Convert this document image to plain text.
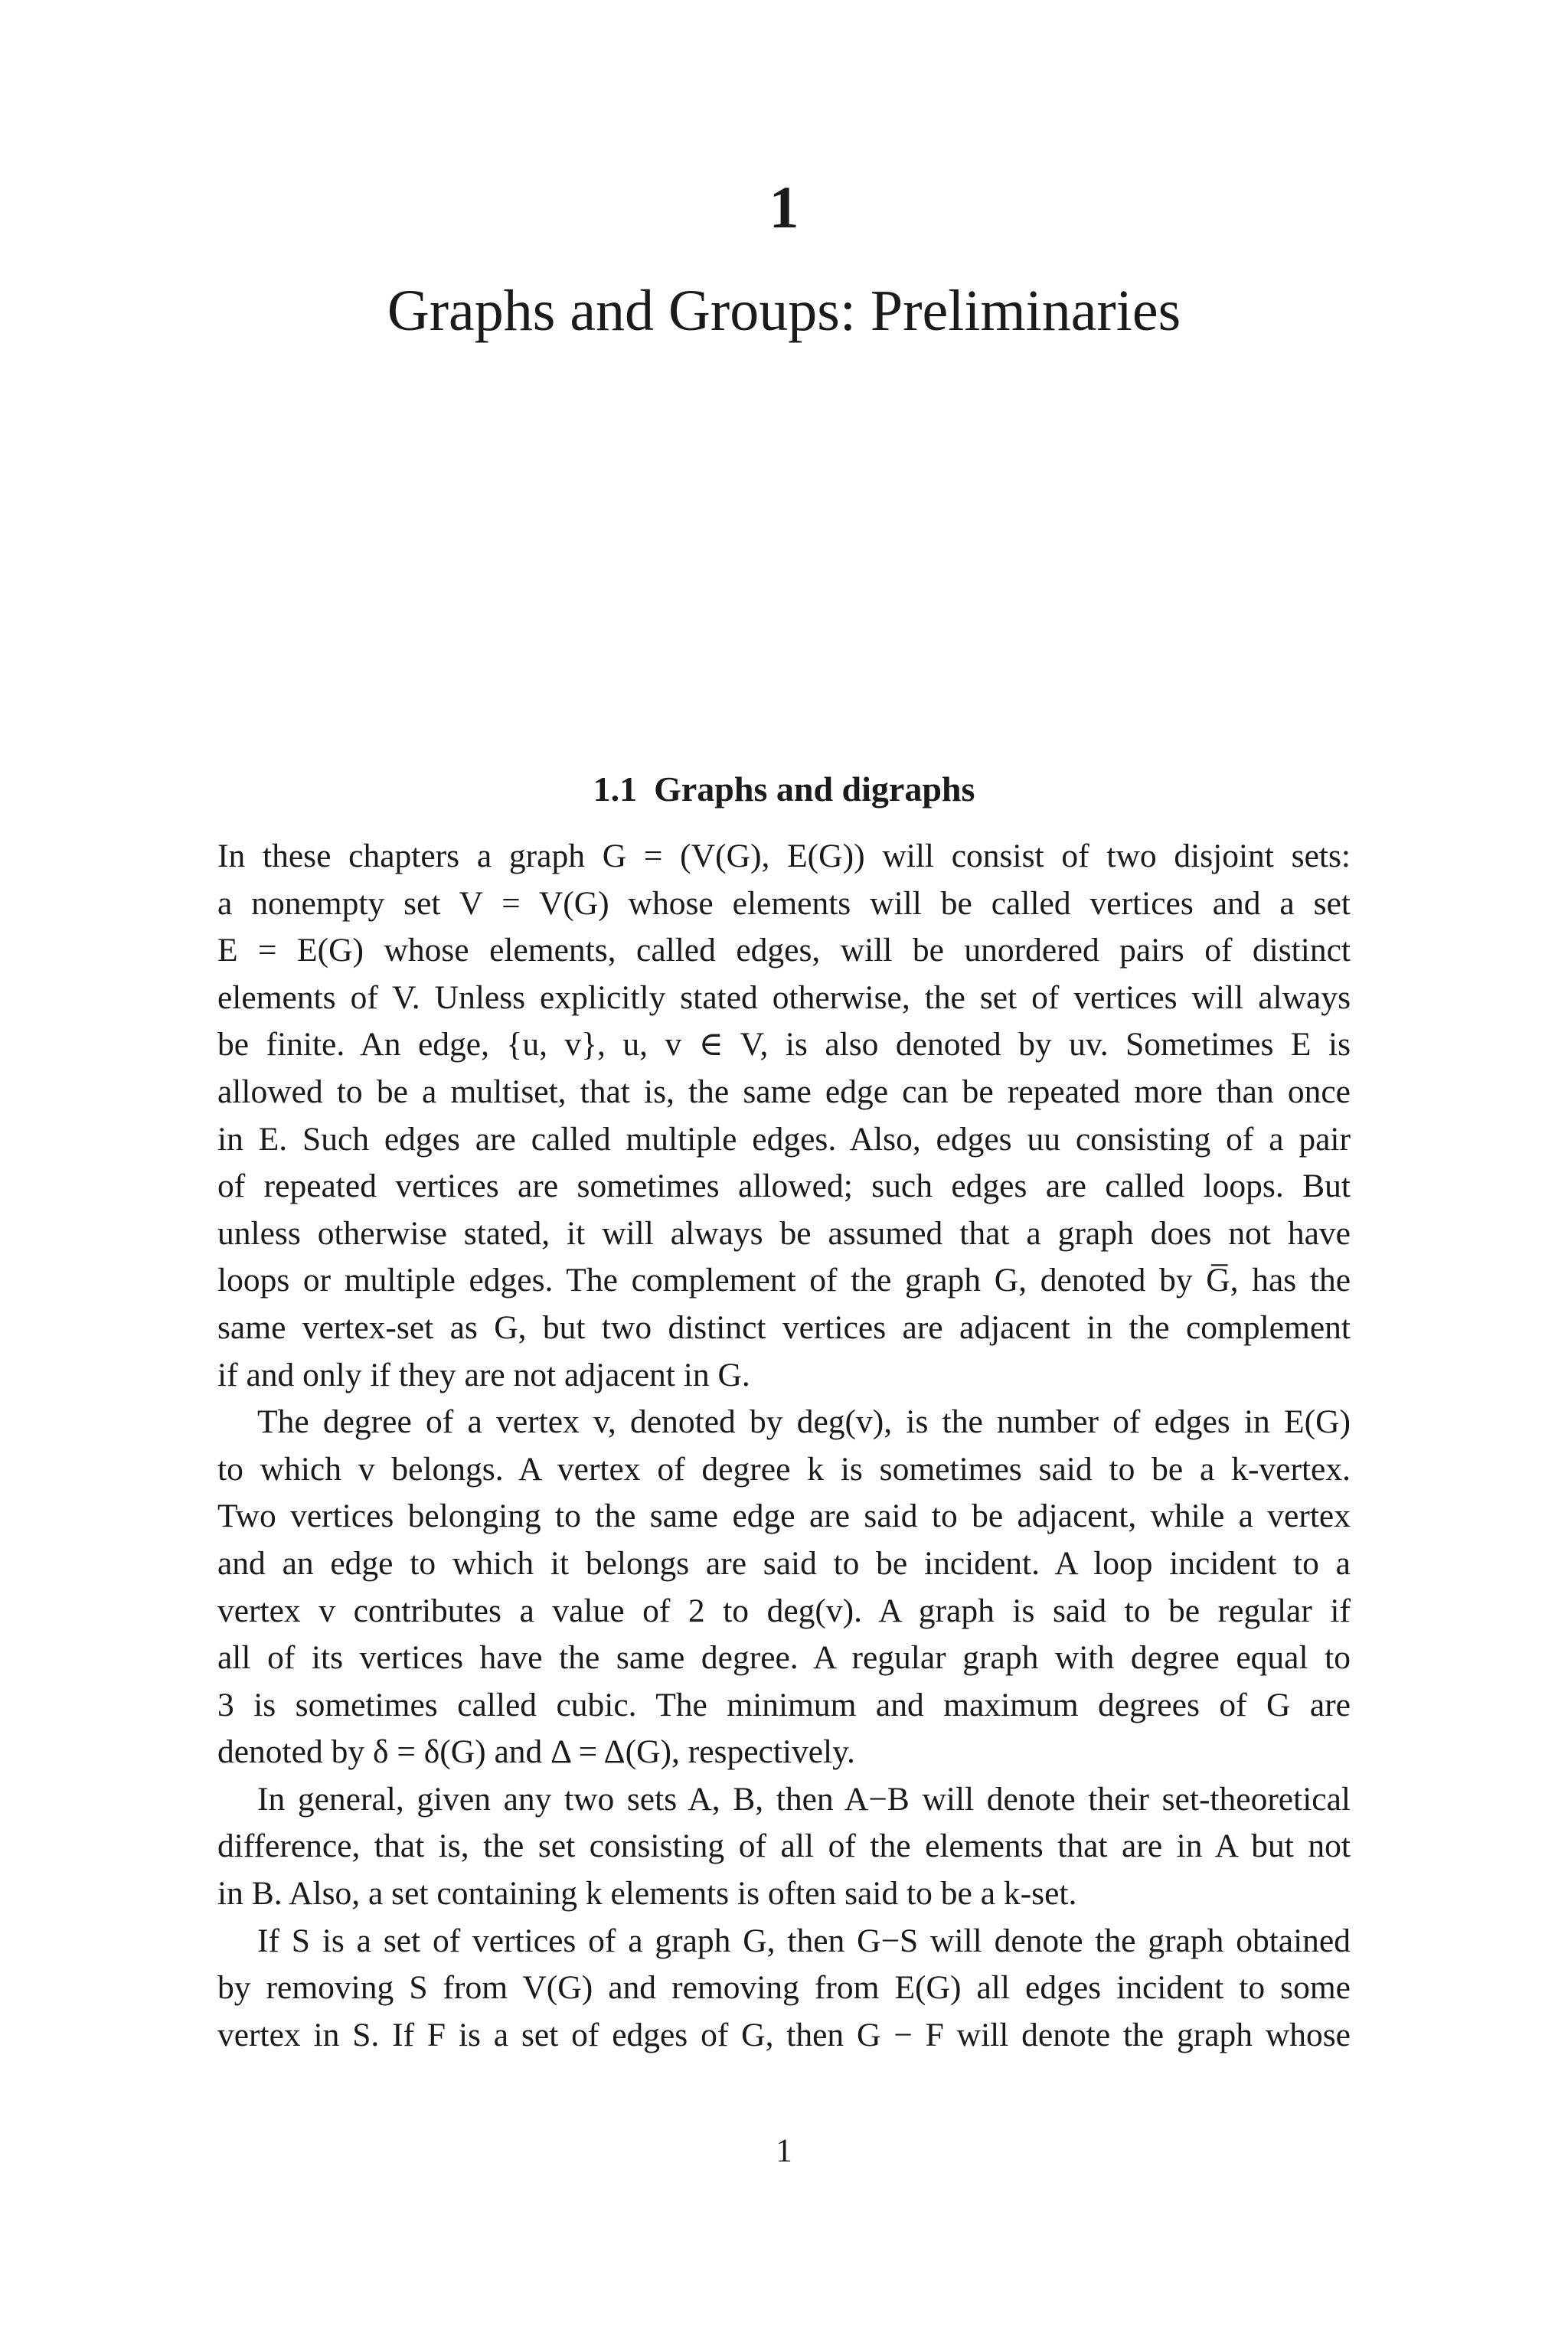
1
Graphs and Groups: Preliminaries
1.1 Graphs and digraphs
In these chapters a graph G = (V(G), E(G)) will consist of two disjoint sets:
a nonempty set V = V(G) whose elements will be called vertices and a set
E = E(G) whose elements, called edges, will be unordered pairs of distinct
elements of V. Unless explicitly stated otherwise, the set of vertices will always
be finite. An edge, {u, v}, u, v ∈ V, is also denoted by uv. Sometimes E is
allowed to be a multiset, that is, the same edge can be repeated more than once
in E. Such edges are called multiple edges. Also, edges uu consisting of a pair
of repeated vertices are sometimes allowed; such edges are called loops. But
unless otherwise stated, it will always be assumed that a graph does not have
loops or multiple edges. The complement of the graph G, denoted by G̅, has the
same vertex-set as G, but two distinct vertices are adjacent in the complement
if and only if they are not adjacent in G.
The degree of a vertex v, denoted by deg(v), is the number of edges in E(G)
to which v belongs. A vertex of degree k is sometimes said to be a k-vertex.
Two vertices belonging to the same edge are said to be adjacent, while a vertex
and an edge to which it belongs are said to be incident. A loop incident to a
vertex v contributes a value of 2 to deg(v). A graph is said to be regular if
all of its vertices have the same degree. A regular graph with degree equal to
3 is sometimes called cubic. The minimum and maximum degrees of G are
denoted by δ = δ(G) and Δ = Δ(G), respectively.
In general, given any two sets A, B, then A−B will denote their set-theoretical
difference, that is, the set consisting of all of the elements that are in A but not
in B. Also, a set containing k elements is often said to be a k-set.
If S is a set of vertices of a graph G, then G−S will denote the graph obtained
by removing S from V(G) and removing from E(G) all edges incident to some
vertex in S. If F is a set of edges of G, then G − F will denote the graph whose
1
